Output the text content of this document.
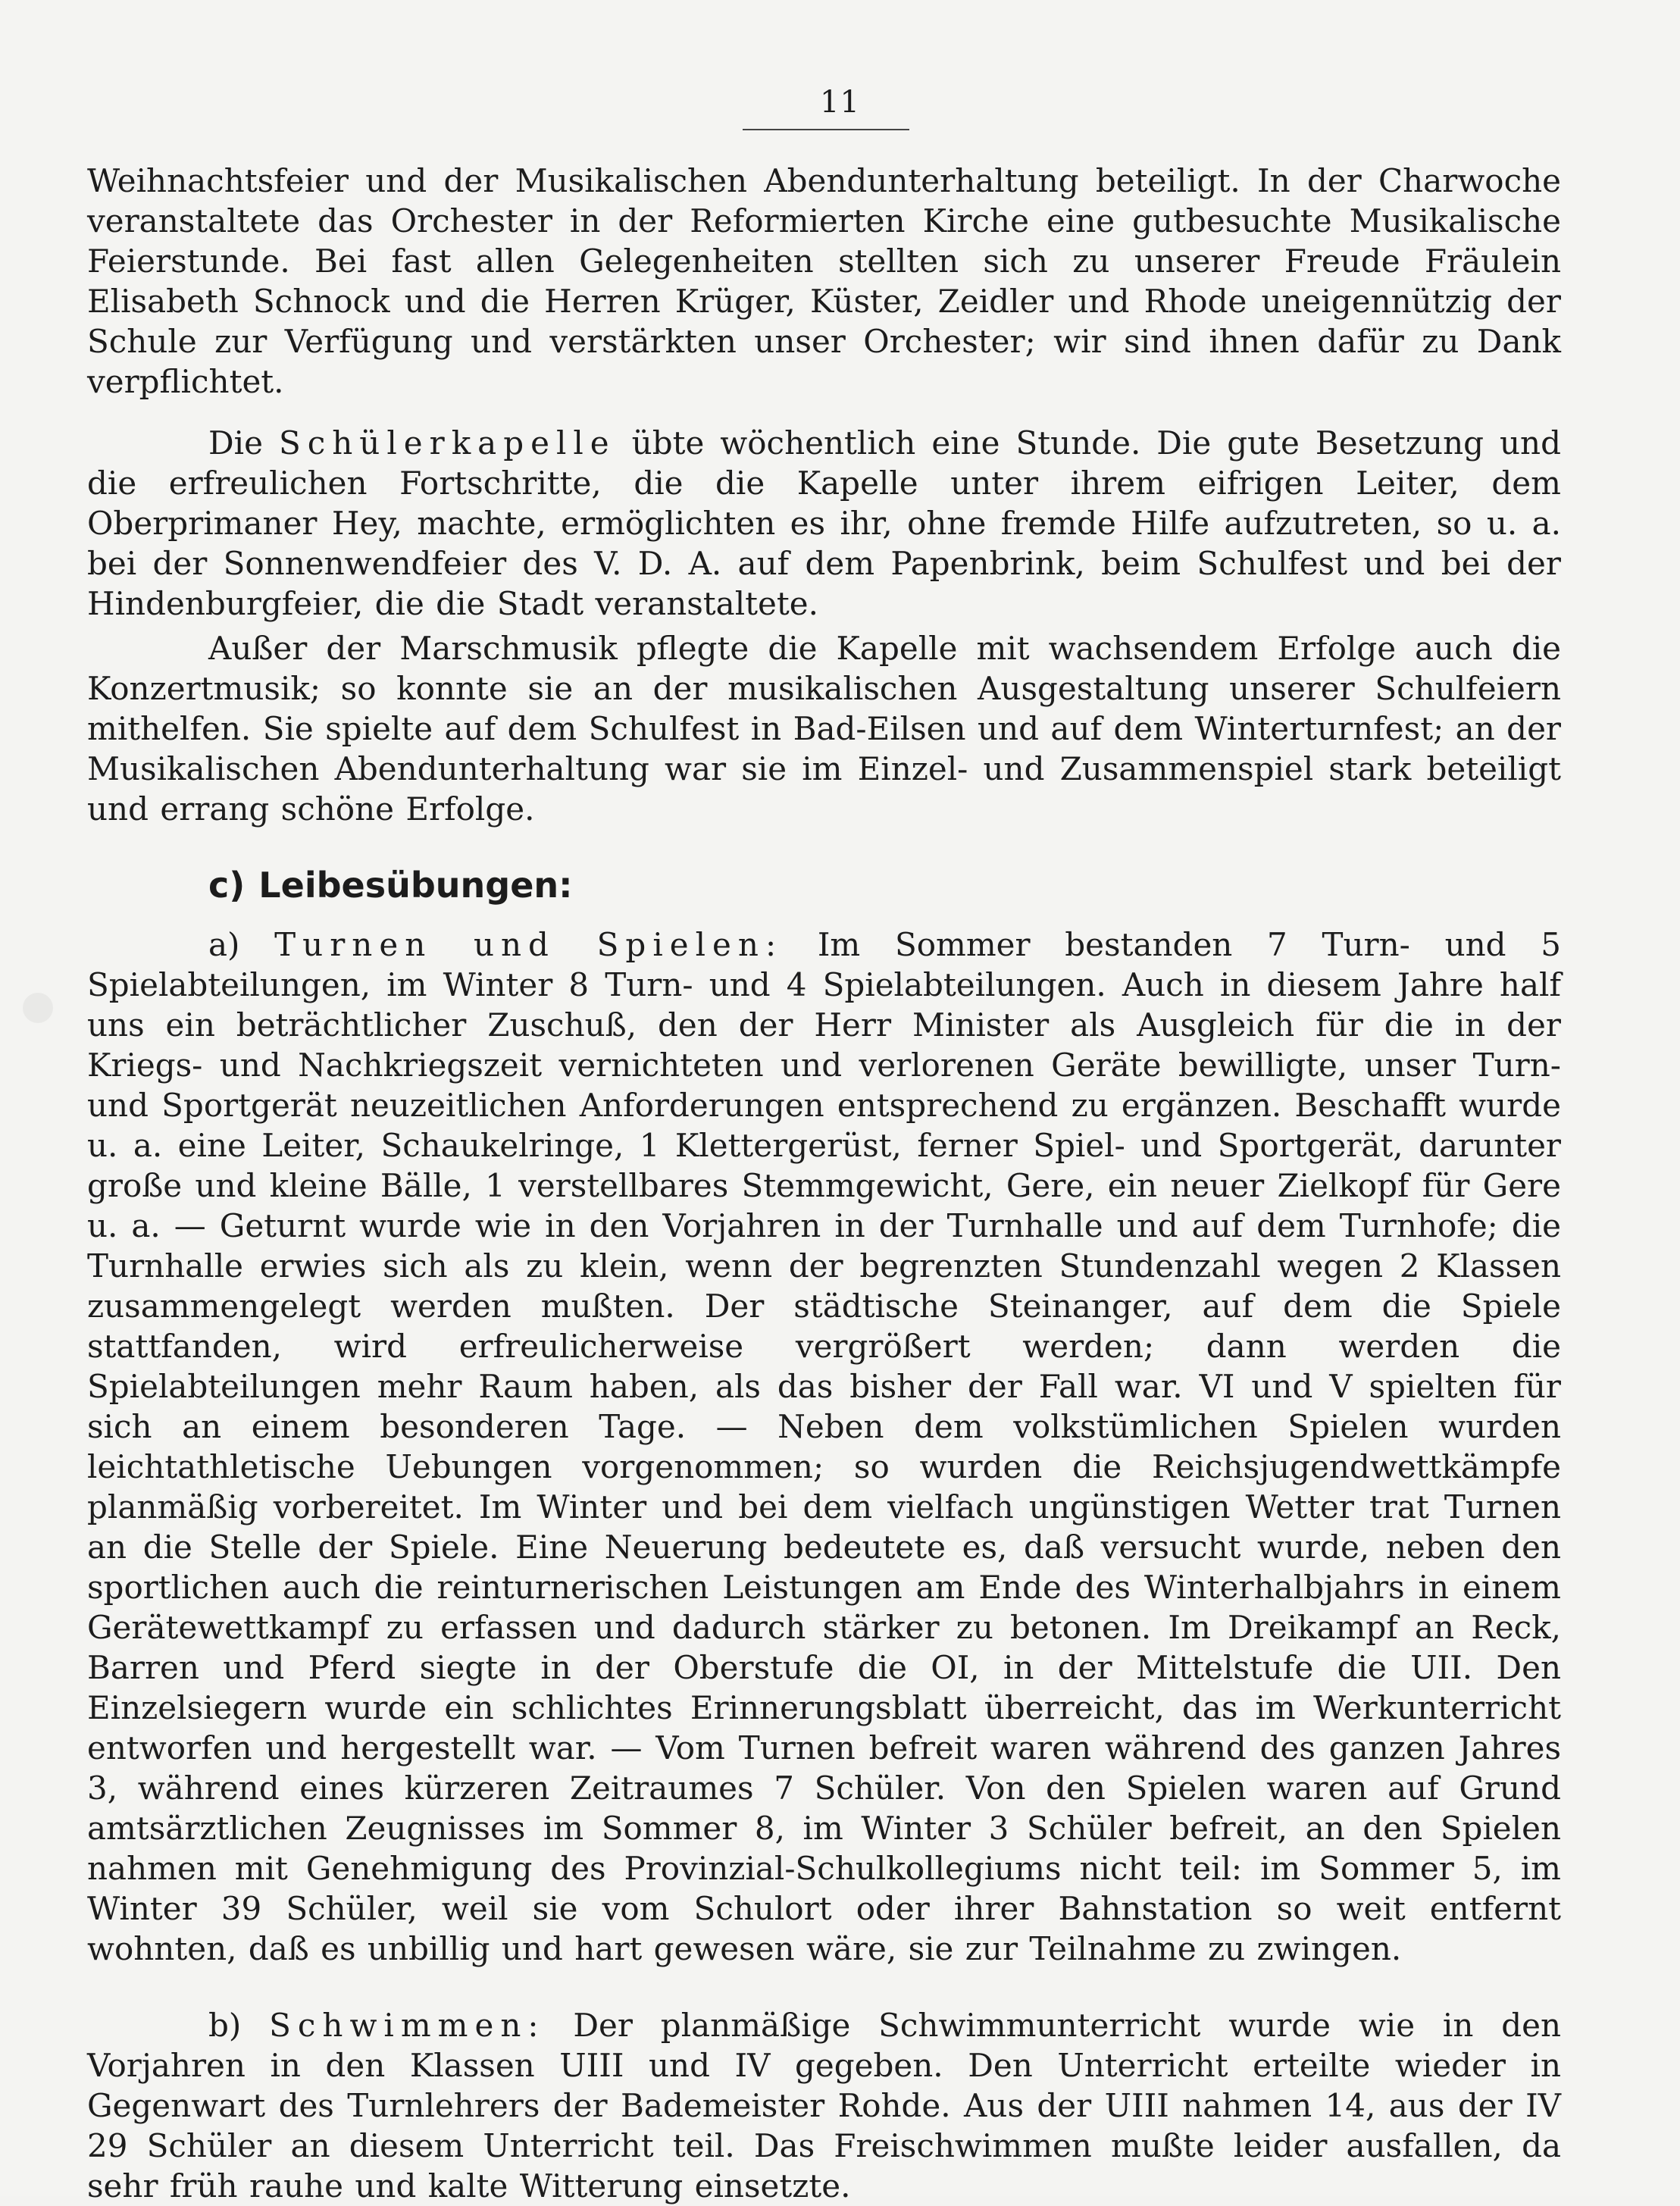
11

Weihnachtsfeier und der Musikalischen Abendunterhaltung beteiligt. In der Charwoche veranstaltete das Orchester in der Reformierten Kirche eine gutbesuchte Musikalische Feierstunde. Bei fast allen Gelegenheiten stellten sich zu unserer Freude Fräulein Elisabeth Schnock und die Herren Krüger, Küster, Zeidler und Rhode uneigennützig der Schule zur Verfügung und verstärkten unser Orchester; wir sind ihnen dafür zu Dank verpflichtet.

Die Schülerkapelle übte wöchentlich eine Stunde. Die gute Besetzung und die erfreulichen Fortschritte, die die Kapelle unter ihrem eifrigen Leiter, dem Oberprimaner Hey, machte, ermöglichten es ihr, ohne fremde Hilfe aufzutreten, so u. a. bei der Sonnenwendfeier des V. D. A. auf dem Papenbrink, beim Schulfest und bei der Hindenburgfeier, die die Stadt veranstaltete.

Außer der Marschmusik pflegte die Kapelle mit wachsendem Erfolge auch die Konzertmusik; so konnte sie an der musikalischen Ausgestaltung unserer Schulfeiern mithelfen. Sie spielte auf dem Schulfest in Bad-Eilsen und auf dem Winterturnfest; an der Musikalischen Abendunterhaltung war sie im Einzel- und Zusammenspiel stark beteiligt und errang schöne Erfolge.

c) Leibesübungen:

a) Turnen und Spielen: Im Sommer bestanden 7 Turn- und 5 Spielabteilungen, im Winter 8 Turn- und 4 Spielabteilungen. Auch in diesem Jahre half uns ein beträchtlicher Zuschuß, den der Herr Minister als Ausgleich für die in der Kriegs- und Nachkriegszeit vernichteten und verlorenen Geräte bewilligte, unser Turn- und Sportgerät neuzeitlichen Anforderungen entsprechend zu ergänzen. Beschafft wurde u. a. eine Leiter, Schaukelringe, 1 Klettergerüst, ferner Spiel- und Sportgerät, darunter große und kleine Bälle, 1 verstellbares Stemmgewicht, Gere, ein neuer Zielkopf für Gere u. a. — Geturnt wurde wie in den Vorjahren in der Turnhalle und auf dem Turnhofe; die Turnhalle erwies sich als zu klein, wenn der begrenzten Stundenzahl wegen 2 Klassen zusammengelegt werden mußten. Der städtische Steinanger, auf dem die Spiele stattfanden, wird erfreulicherweise vergrößert werden; dann werden die Spielabteilungen mehr Raum haben, als das bisher der Fall war. VI und V spielten für sich an einem besonderen Tage. — Neben dem volkstümlichen Spielen wurden leichtathletische Uebungen vorgenommen; so wurden die Reichsjugendwettkämpfe planmäßig vorbereitet. Im Winter und bei dem vielfach ungünstigen Wetter trat Turnen an die Stelle der Spiele. Eine Neuerung bedeutete es, daß versucht wurde, neben den sportlichen auch die reinturnerischen Leistungen am Ende des Winterhalbjahrs in einem Gerätewettkampf zu erfassen und dadurch stärker zu betonen. Im Dreikampf an Reck, Barren und Pferd siegte in der Oberstufe die OI, in der Mittelstufe die UII. Den Einzelsiegern wurde ein schlichtes Erinnerungsblatt überreicht, das im Werkunterricht entworfen und hergestellt war. — Vom Turnen befreit waren während des ganzen Jahres 3, während eines kürzeren Zeitraumes 7 Schüler. Von den Spielen waren auf Grund amtsärztlichen Zeugnisses im Sommer 8, im Winter 3 Schüler befreit, an den Spielen nahmen mit Genehmigung des Provinzial-Schulkollegiums nicht teil: im Sommer 5, im Winter 39 Schüler, weil sie vom Schulort oder ihrer Bahnstation so weit entfernt wohnten, daß es unbillig und hart gewesen wäre, sie zur Teilnahme zu zwingen.

b) Schwimmen: Der planmäßige Schwimmunterricht wurde wie in den Vorjahren in den Klassen UIII und IV gegeben. Den Unterricht erteilte wieder in Gegenwart des Turnlehrers der Bademeister Rohde. Aus der UIII nahmen 14, aus der IV 29 Schüler an diesem Unterricht teil. Das Freischwimmen mußte leider ausfallen, da sehr früh rauhe und kalte Witterung einsetzte.
